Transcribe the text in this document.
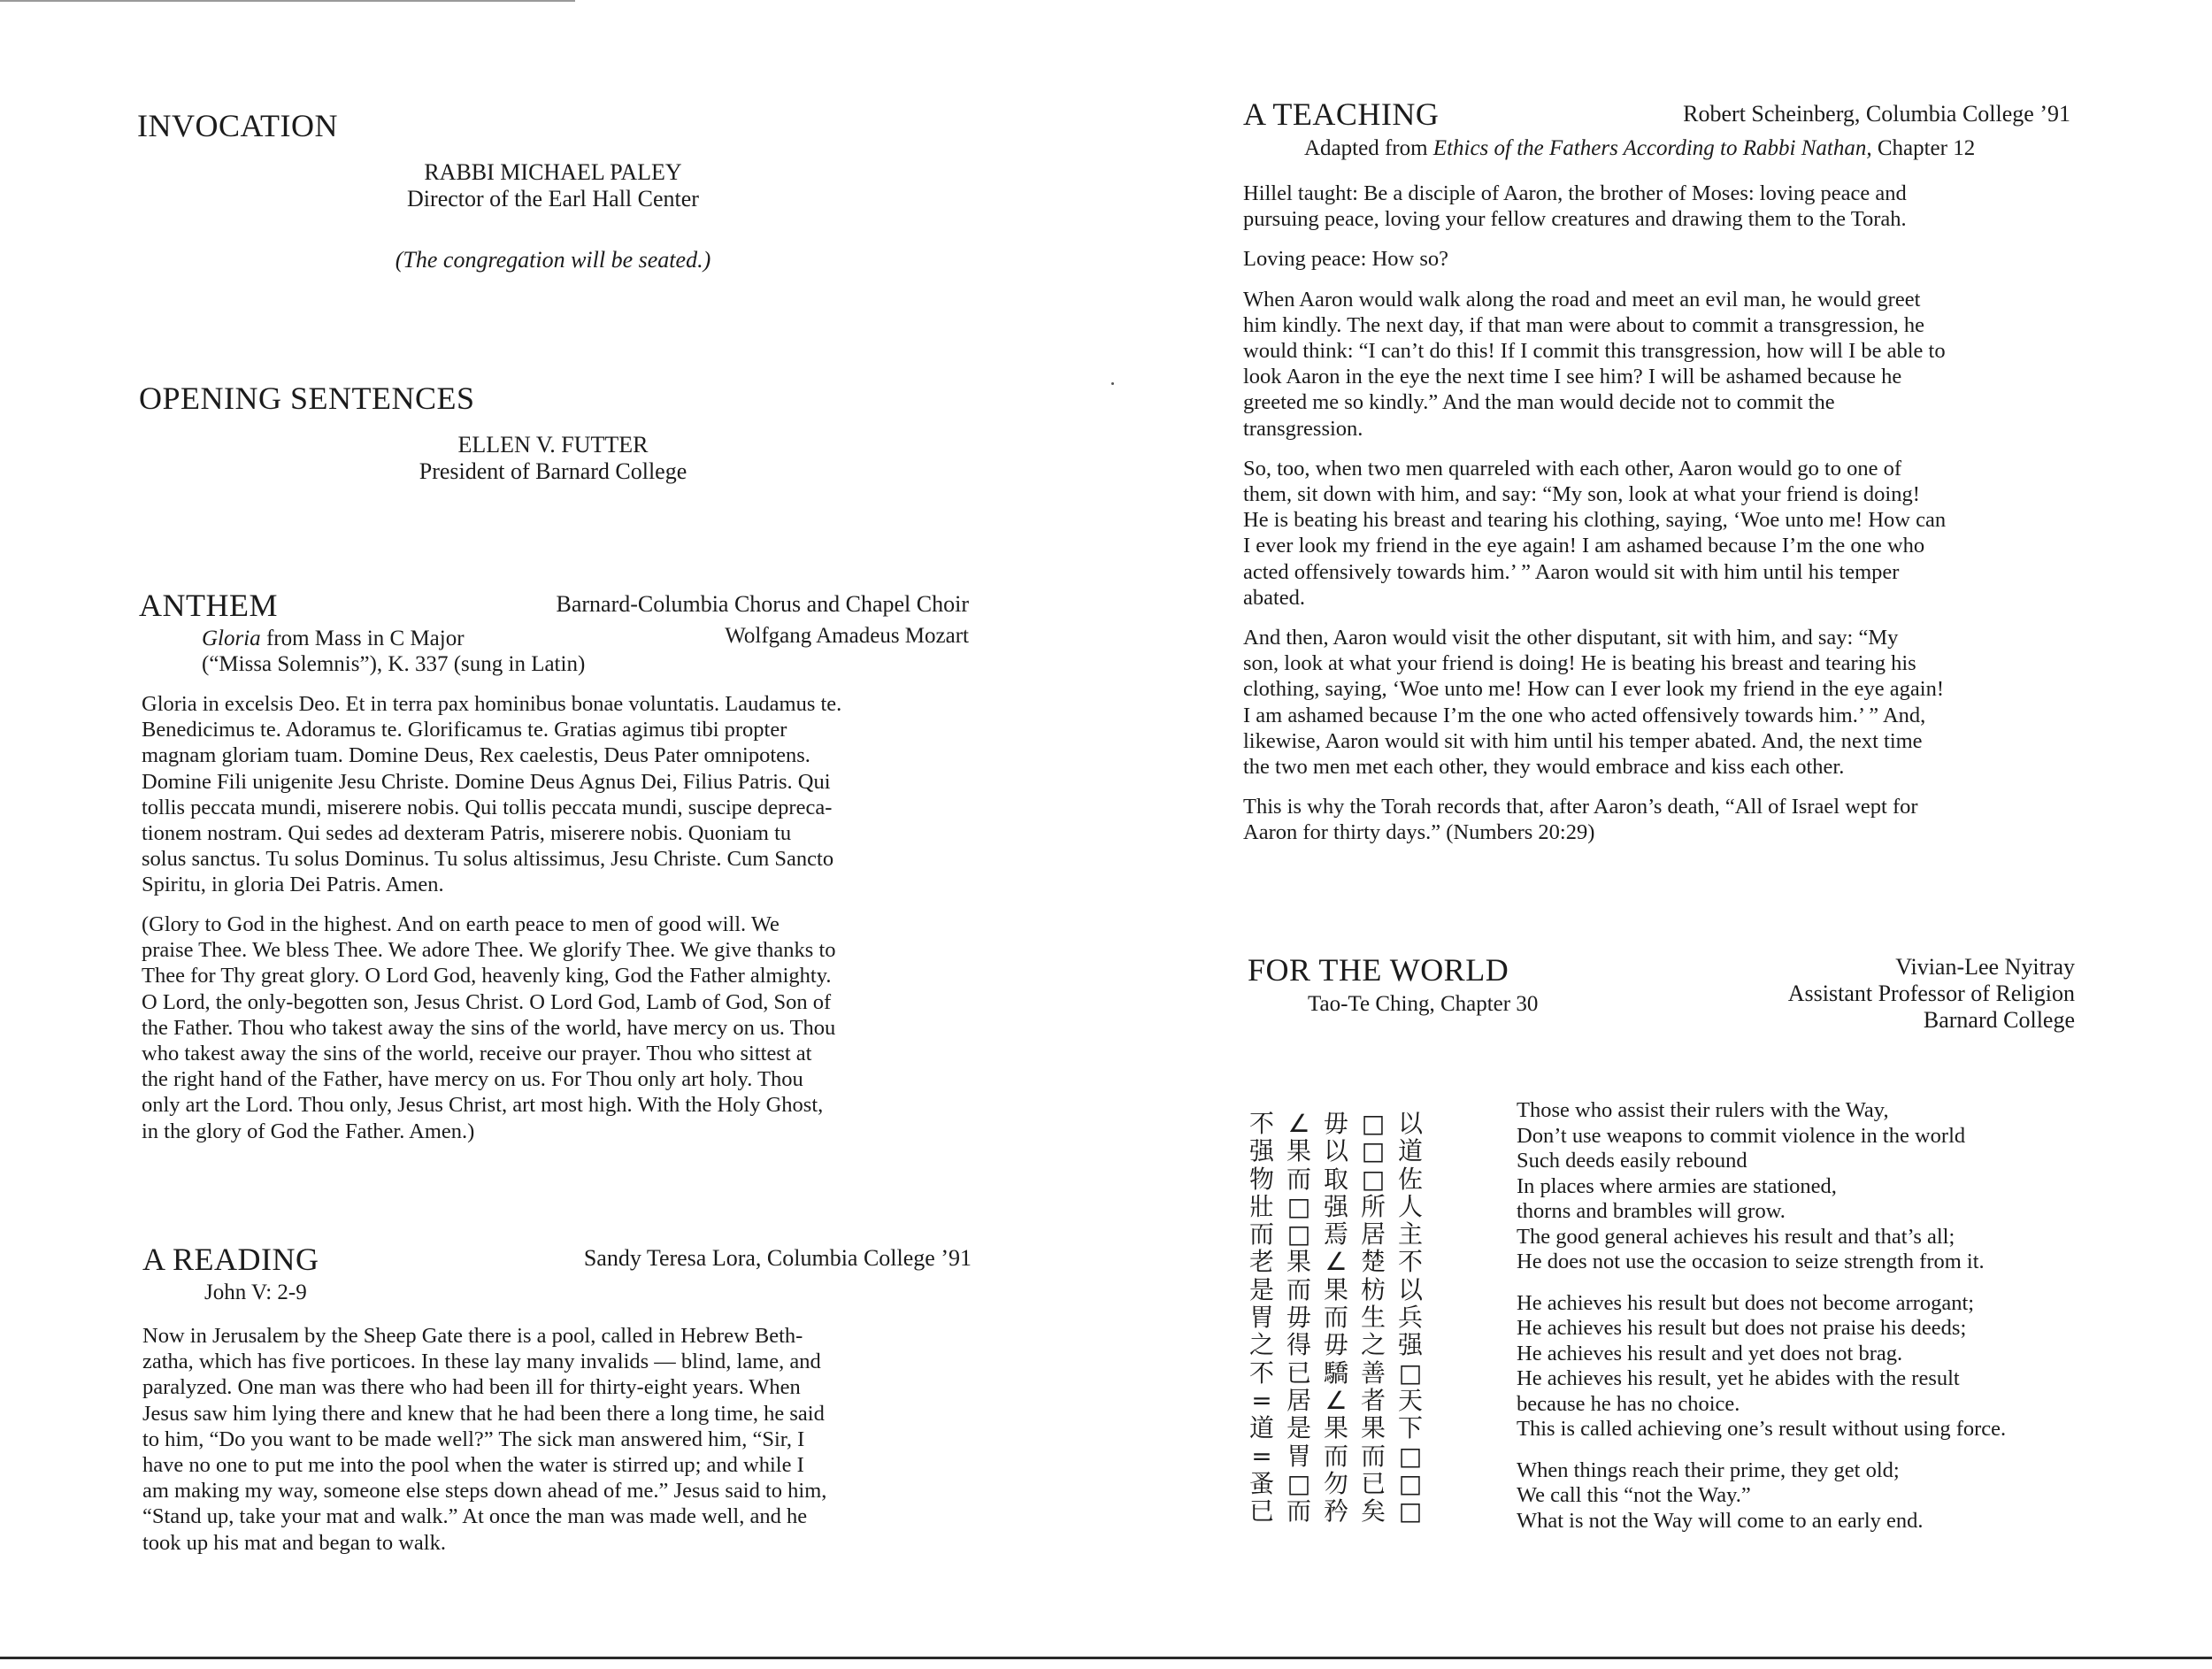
INVOCATION
RABBI MICHAEL PALEY
Director of the Earl Hall Center
(The congregation will be seated.)
OPENING SENTENCES
ELLEN V. FUTTER
President of Barnard College
ANTHEM	Barnard-Columbia Chorus and Chapel Choir
Gloria from Mass in C Major
(“Missa Solemnis”), K. 337 (sung in Latin)
Wolfgang Amadeus Mozart
Gloria in excelsis Deo. Et in terra pax hominibus bonae voluntatis. Laudamus te.
Benedicimus te. Adoramus te. Glorificamus te. Gratias agimus tibi propter
magnam gloriam tuam. Domine Deus, Rex caelestis, Deus Pater omnipotens.
Domine Fili unigenite Jesu Christe. Domine Deus Agnus Dei, Filius Patris. Qui
tollis peccata mundi, miserere nobis. Qui tollis peccata mundi, suscipe depreca-
tionem nostram. Qui sedes ad dexteram Patris, miserere nobis. Quoniam tu
solus sanctus. Tu solus Dominus. Tu solus altissimus, Jesu Christe. Cum Sancto
Spiritu, in gloria Dei Patris. Amen.
(Glory to God in the highest. And on earth peace to men of good will. We
praise Thee. We bless Thee. We adore Thee. We glorify Thee. We give thanks to
Thee for Thy great glory. O Lord God, heavenly king, God the Father almighty.
O Lord, the only-begotten son, Jesus Christ. O Lord God, Lamb of God, Son of
the Father. Thou who takest away the sins of the world, have mercy on us. Thou
who takest away the sins of the world, receive our prayer. Thou who sittest at
the right hand of the Father, have mercy on us. For Thou only art holy. Thou
only art the Lord. Thou only, Jesus Christ, art most high. With the Holy Ghost,
in the glory of God the Father. Amen.)
A READING	Sandy Teresa Lora, Columbia College ’91
John V: 2-9
Now in Jerusalem by the Sheep Gate there is a pool, called in Hebrew Beth-
zatha, which has five porticoes. In these lay many invalids — blind, lame, and
paralyzed. One man was there who had been ill for thirty-eight years. When
Jesus saw him lying there and knew that he had been there a long time, he said
to him, “Do you want to be made well?” The sick man answered him, “Sir, I
have no one to put me into the pool when the water is stirred up; and while I
am making my way, someone else steps down ahead of me.” Jesus said to him,
“Stand up, take your mat and walk.” At once the man was made well, and he
took up his mat and began to walk.
A TEACHING	Robert Scheinberg, Columbia College ’91
Adapted from Ethics of the Fathers According to Rabbi Nathan, Chapter 12
Hillel taught: Be a disciple of Aaron, the brother of Moses: loving peace and
pursuing peace, loving your fellow creatures and drawing them to the Torah.
Loving peace: How so?
When Aaron would walk along the road and meet an evil man, he would greet
him kindly. The next day, if that man were about to commit a transgression, he
would think: “I can’t do this! If I commit this transgression, how will I be able to
look Aaron in the eye the next time I see him? I will be ashamed because he
greeted me so kindly.” And the man would decide not to commit the
transgression.
So, too, when two men quarreled with each other, Aaron would go to one of
them, sit down with him, and say: “My son, look at what your friend is doing!
He is beating his breast and tearing his clothing, saying, ‘Woe unto me! How can
I ever look my friend in the eye again! I am ashamed because I’m the one who
acted offensively towards him.’ ” Aaron would sit with him until his temper
abated.
And then, Aaron would visit the other disputant, sit with him, and say: “My
son, look at what your friend is doing! He is beating his breast and tearing his
clothing, saying, ‘Woe unto me! How can I ever look my friend in the eye again!
I am ashamed because I’m the one who acted offensively towards him.’ ” And,
likewise, Aaron would sit with him until his temper abated. And, the next time
the two men met each other, they would embrace and kiss each other.
This is why the Torah records that, after Aaron’s death, “All of Israel wept for
Aaron for thirty days.” (Numbers 20:29)
FOR THE WORLD
Tao-Te Ching, Chapter 30
Vivian-Lee Nyitray
Assistant Professor of Religion
Barnard College
以
道
佐
人
主
不
以
兵
强
□
天
下
□
□
□
□
□
□
所
居
楚
枋
生
之
善
者
果
而
已
矣
毋
以
取
强
焉
∠
果
而
毋
驕
∠
果
而
勿
矜
∠
果
而
□
□
果
而
毋
得
已
居
是
胃
□
而
不
强
物
壯
而
老
是
胃
之
不
=
道
=
蚤
已
Those who assist their rulers with the Way,
Don’t use weapons to commit violence in the world
Such deeds easily rebound
In places where armies are stationed,
thorns and brambles will grow.
The good general achieves his result and that’s all;
He does not use the occasion to seize strength from it.
He achieves his result but does not become arrogant;
He achieves his result but does not praise his deeds;
He achieves his result and yet does not brag.
He achieves his result, yet he abides with the result
because he has no choice.
This is called achieving one’s result without using force.
When things reach their prime, they get old;
We call this “not the Way.”
What is not the Way will come to an early end.
